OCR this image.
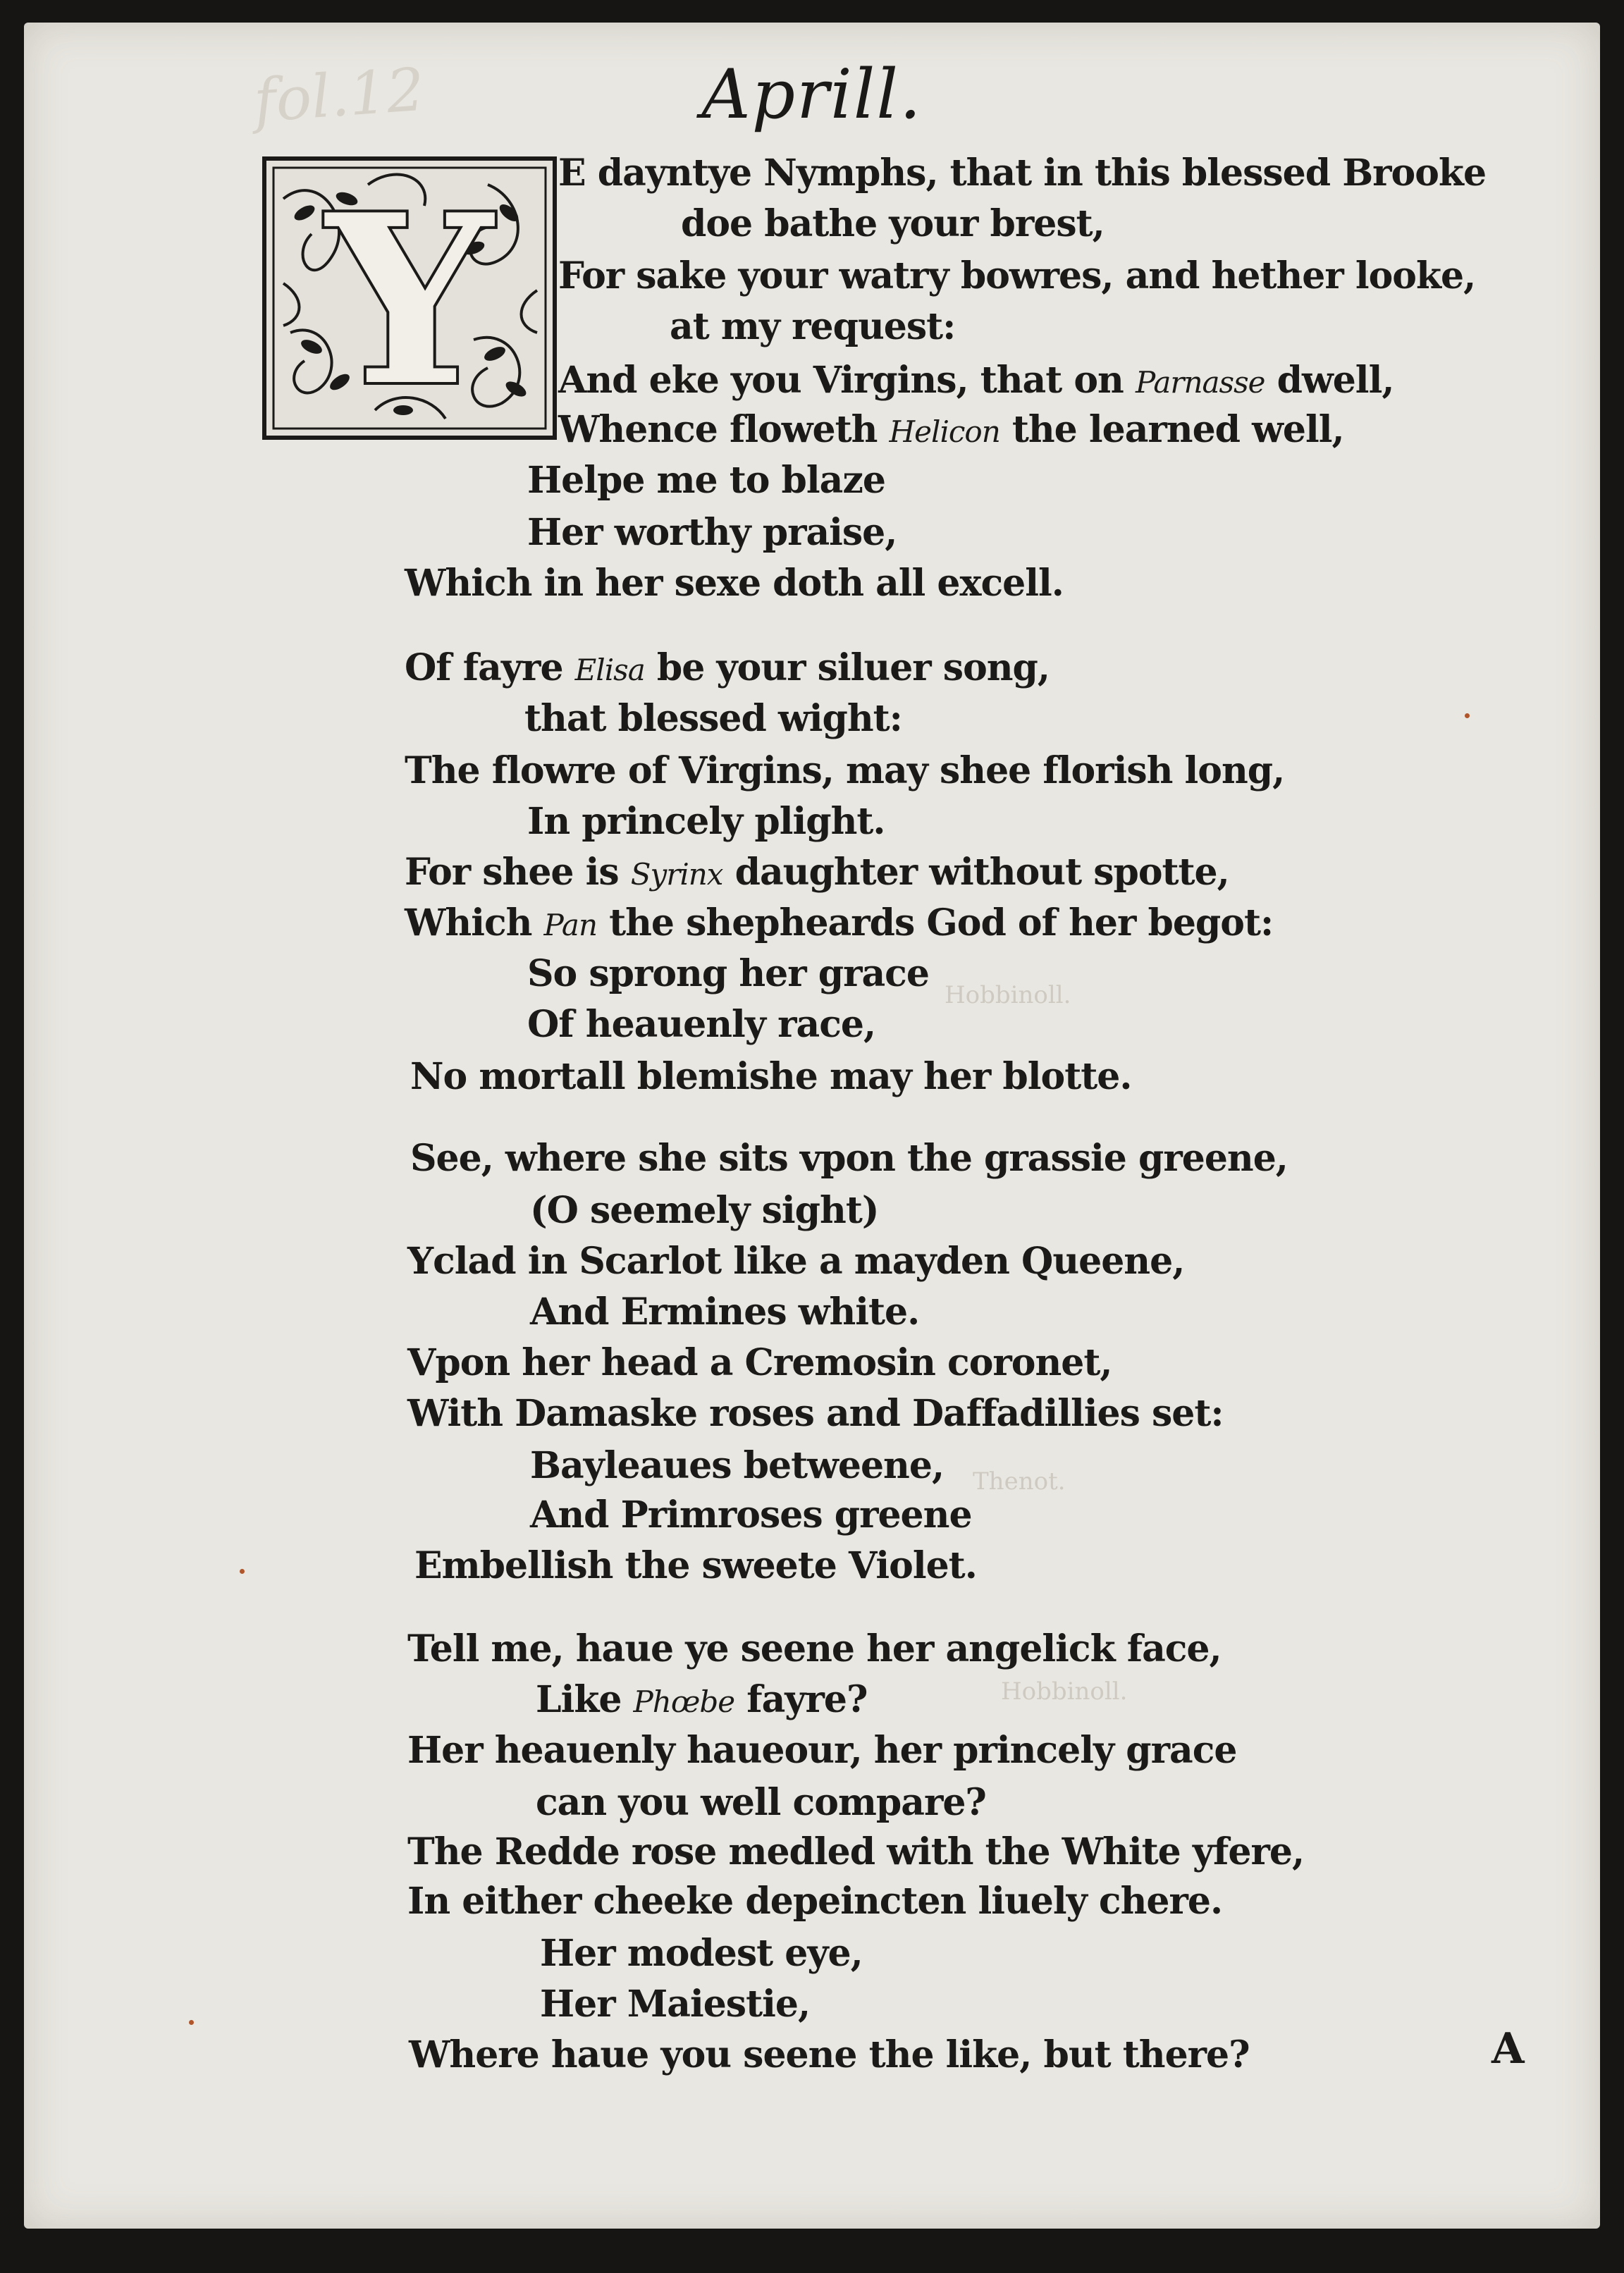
fol.12
Hobbinoll.
Thenot.
Hobbinoll.
Aprill.
Y E dayntye Nymphs, that in this blessed Brooke
doe bathe your brest,
For sake your watry bowres, and hether looke,
at my request:
And eke you Virgins, that on Parnasse dwell,
Whence floweth Helicon the learned well,
Helpe me to blaze
Her worthy praise,
Which in her sexe doth all excell.
Of fayre Elisa be your siluer song,
that blessed wight:
The flowre of Virgins, may shee florish long,
In princely plight.
For shee is Syrinx daughter without spotte,
Which Pan the shepheards God of her begot:
So sprong her grace
Of heauenly race,
No mortall blemishe may her blotte.
See, where she sits vpon the grassie greene,
(O seemely sight)
Yclad in Scarlot like a mayden Queene,
And Ermines white.
Vpon her head a Cremosin coronet,
With Damaske roses and Daffadillies set:
Bayleaues betweene,
And Primroses greene
Embellish the sweete Violet.
Tell me, haue ye seene her angelick face,
Like Phœbe fayre?
Her heauenly haueour, her princely grace
can you well compare?
The Redde rose medled with the White yfere,
In either cheeke depeincten liuely chere.
Her modest eye,
Her Maiestie,
Where haue you seene the like, but there?	A
